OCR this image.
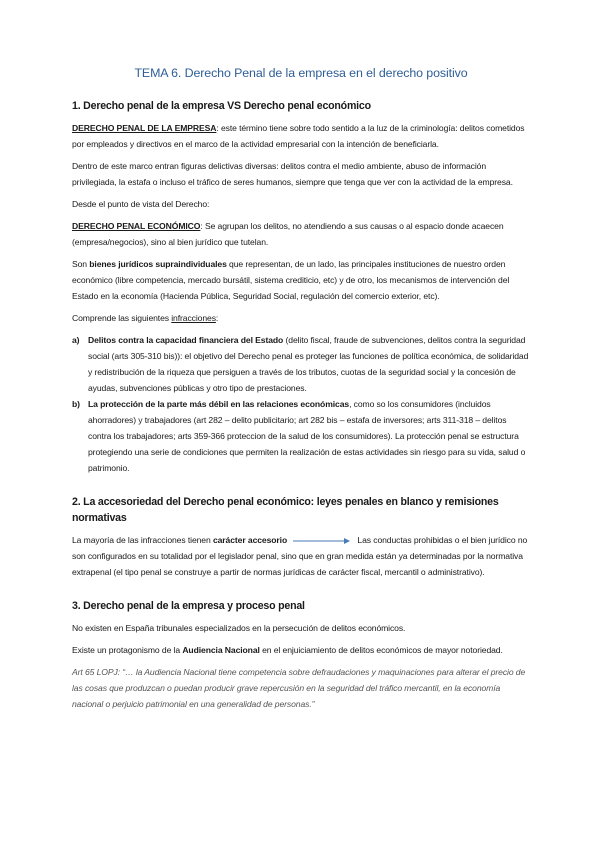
TEMA 6. Derecho Penal de la empresa en el derecho positivo
1. Derecho penal de la empresa VS Derecho penal económico

DERECHO PENAL DE LA EMPRESA: este término tiene sobre todo sentido a la luz de la criminología: delitos cometidos por empleados y directivos en el marco de la actividad empresarial con la intención de beneficiarla.

Dentro de este marco entran figuras delictivas diversas: delitos contra el medio ambiente, abuso de información privilegiada, la estafa o incluso el tráfico de seres humanos, siempre que tenga que ver con la actividad de la empresa.

Desde el punto de vista del Derecho:

DERECHO PENAL ECONÓMICO: Se agrupan los delitos, no atendiendo a sus causas o al espacio donde acaecen (empresa/negocios), sino al bien jurídico que tutelan.

Son bienes jurídicos supraindividuales que representan, de un lado, las principales instituciones de nuestro orden económico (libre competencia, mercado bursátil, sistema crediticio, etc) y de otro, los mecanismos de intervención del Estado en la economía (Hacienda Pública, Seguridad Social, regulación del comercio exterior, etc).

Comprende las siguientes infracciones:

a) Delitos contra la capacidad financiera del Estado (delito fiscal, fraude de subvenciones, delitos contra la seguridad social (arts 305-310 bis)): el objetivo del Derecho penal es proteger las funciones de política económica, de solidaridad y redistribución de la riqueza que persiguen a través de los tributos, cuotas de la seguridad social y la concesión de ayudas, subvenciones públicas y otro tipo de prestaciones.
b) La protección de la parte más débil en las relaciones económicas, como so los consumidores (incluidos ahorradores) y trabajadores (art 282 – delito publicitario; art 282 bis – estafa de inversores; arts 311-318 – delitos contra los trabajadores; arts 359-366 proteccion de la salud de los consumidores). La protección penal se estructura protegiendo una serie de condiciones que permiten la realización de estas actividades sin riesgo para su vida, salud o patrimonio.
2. La accesoriedad del Derecho penal económico: leyes penales en blanco y remisiones normativas

La mayoría de las infracciones tienen carácter accesorio	Las conductas prohibidas o el bien jurídico no son configurados en su totalidad por el legislador penal, sino que en gran medida están ya determinadas por la normativa extrapenal (el tipo penal se construye a partir de normas jurídicas de carácter fiscal, mercantil o administrativo).

3. Derecho penal de la empresa y proceso penal

No existen en España tribunales especializados en la persecución de delitos económicos.

Existe un protagonismo de la Audiencia Nacional en el enjuiciamiento de delitos económicos de mayor notoriedad.

Art 65 LOPJ: “… la Audiencia Nacional tiene competencia sobre defraudaciones y maquinaciones para alterar el precio de las cosas que produzcan o puedan producir grave repercusión en la seguridad del tráfico mercantil, en la economía nacional o perjuicio patrimonial en una generalidad de personas.”
